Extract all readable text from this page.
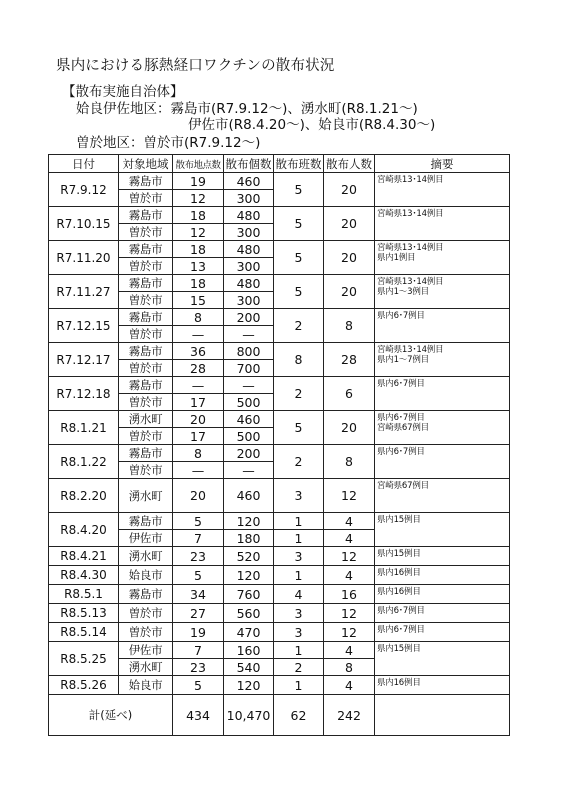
県内における豚熱経口ワクチンの散布状況
【散布実施自治体】
姶良伊佐地区：霧島市(R7.9.12～)、湧水町(R8.1.21～)
伊佐市(R8.4.20～)、姶良市(R8.4.30～)
曽於地区：曽於市(R7.9.12～)
日付	対象地域	散布地点数	散布個数	散布班数	散布人数	摘要
R7.9.12	霧島市	19	460	5	20	宮崎県13･14例目
	曽於市	12	300			
R7.10.15	霧島市	18	480	5	20	宮崎県13･14例目
	曽於市	12	300			
R7.11.20	霧島市	18	480	5	20	宮崎県13･14例目
県内1例目
	曽於市	13	300			
R7.11.27	霧島市	18	480	5	20	宮崎県13･14例目
県内1～3例目
	曽於市	15	300			
R7.12.15	霧島市	8	200	2	8	県内6･7例目
	曽於市	—	—			
R7.12.17	霧島市	36	800	8	28	宮崎県13･14例目
県内1～7例目
	曽於市	28	700			
R7.12.18	霧島市	—	—	2	6	県内6･7例目
	曽於市	17	500			
R8.1.21	湧水町	20	460	5	20	県内6･7例目
宮崎県67例目
	曽於市	17	500			
R8.1.22	霧島市	8	200	2	8	県内6･7例目
	曽於市	—	—			
R8.2.20	湧水町	20	460	3	12	宮崎県67例目
R8.4.20	霧島市	5	120	1	4	県内15例目
	伊佐市	7	180	1	4	
R8.4.21	湧水町	23	520	3	12	県内15例目
R8.4.30	姶良市	5	120	1	4	県内16例目
R8.5.1	霧島市	34	760	4	16	県内16例目
R8.5.13	曽於市	27	560	3	12	県内6･7例目
R8.5.14	曽於市	19	470	3	12	県内6･7例目
R8.5.25	伊佐市	7	160	1	4	県内15例目
	湧水町	23	540	2	8	
R8.5.26	姶良市	5	120	1	4	県内16例目
計(延べ)		434	10,470	62	242	
